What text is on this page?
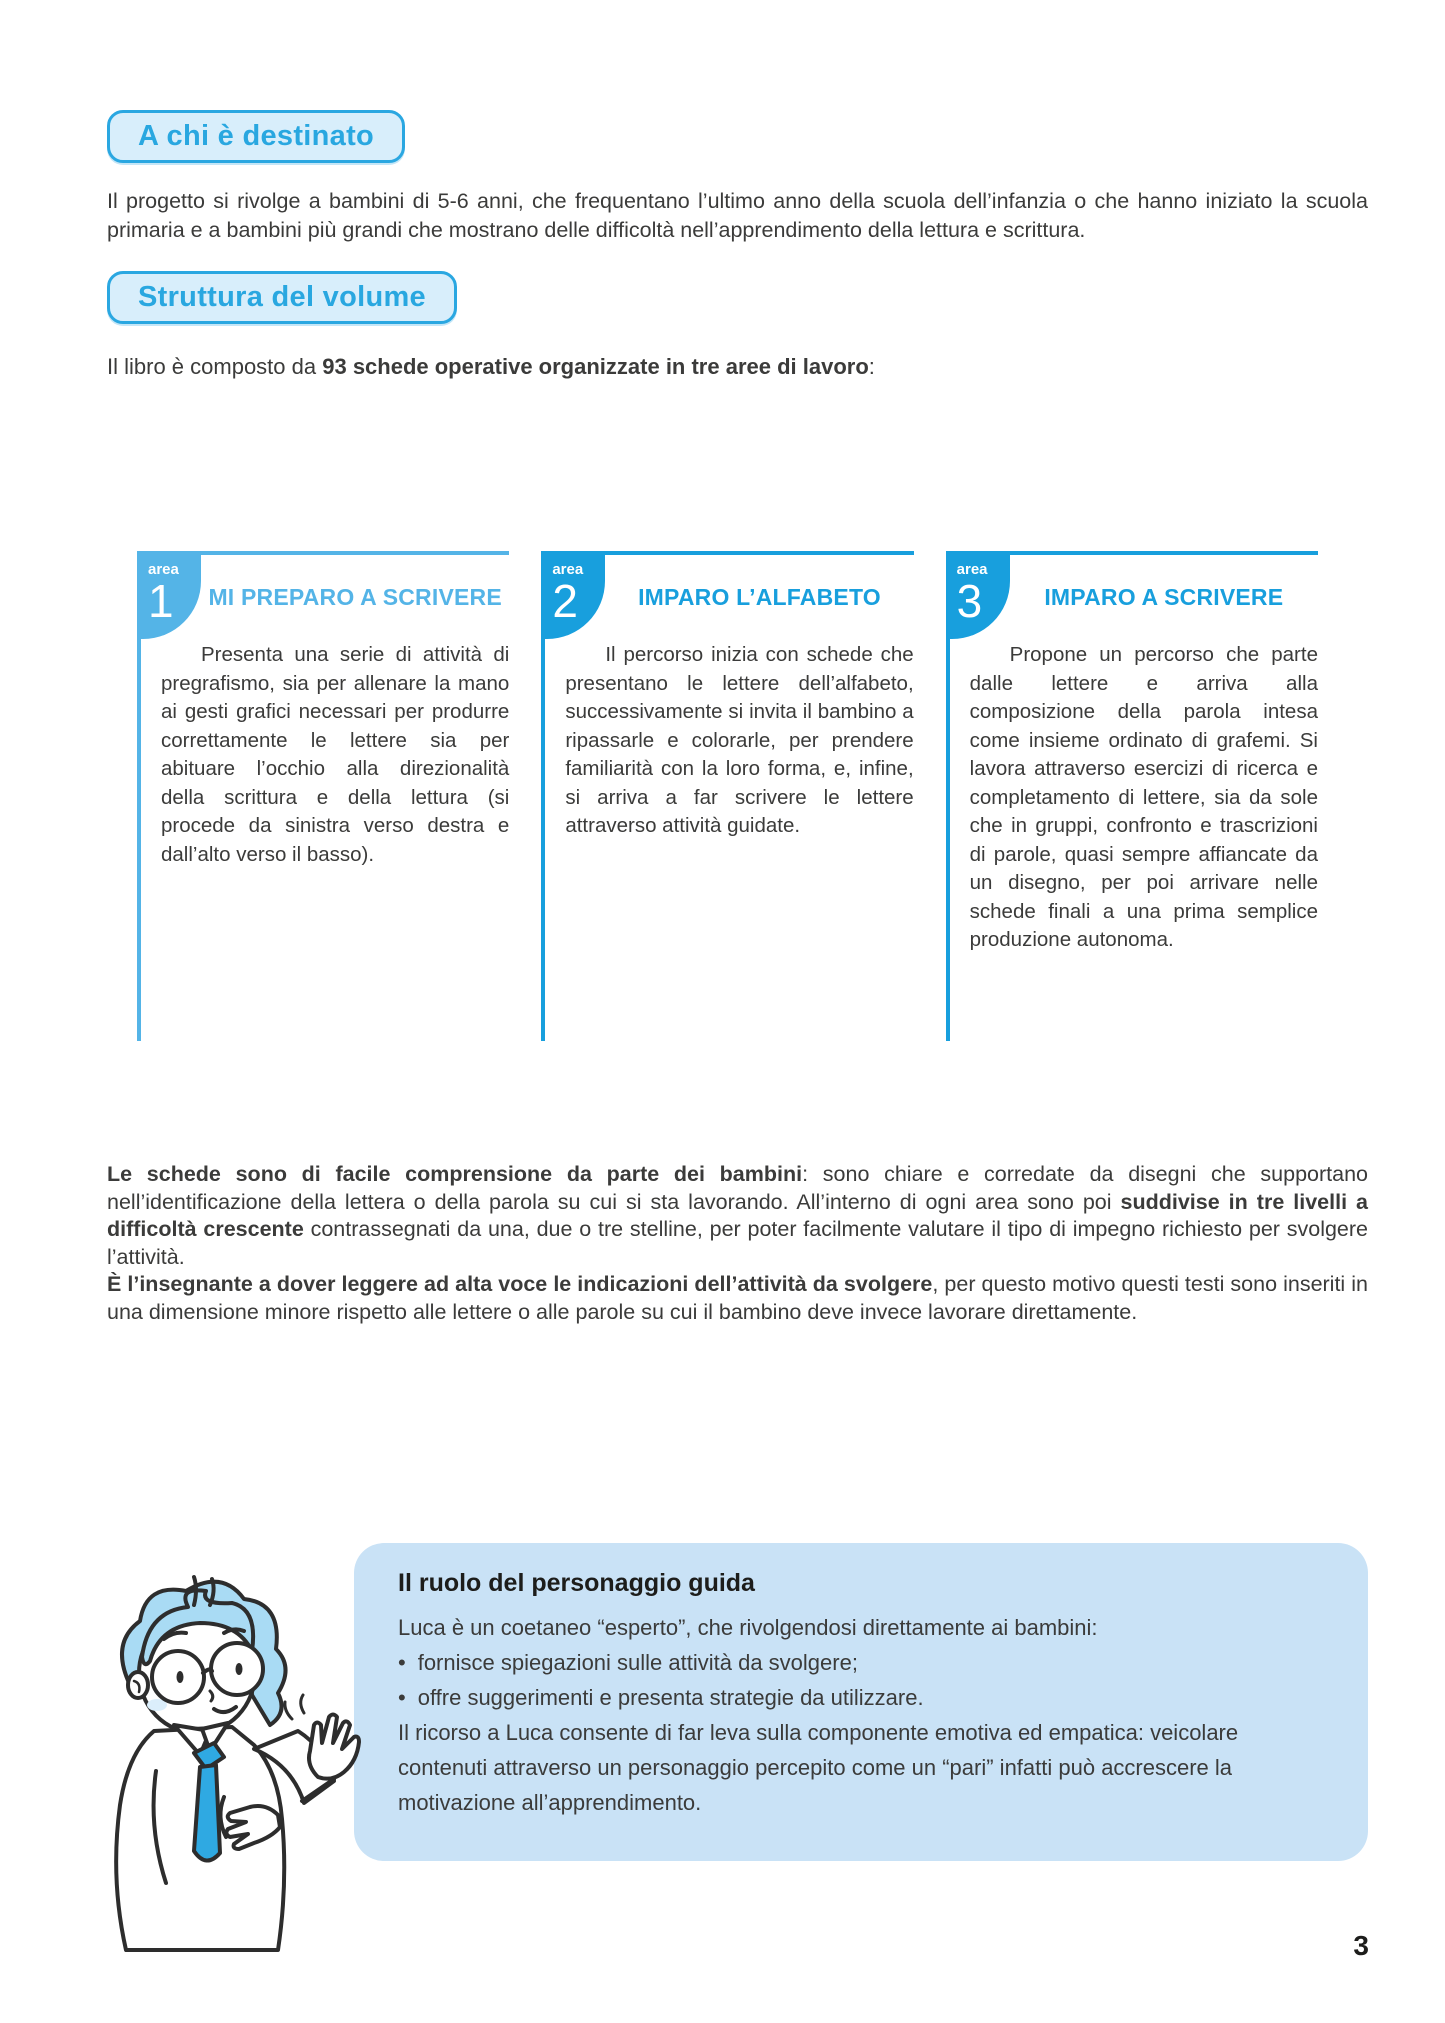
A chi è destinato

Il progetto si rivolge a bambini di 5-6 anni, che frequentano l’ultimo anno della scuola dell’infanzia o che hanno iniziato la scuola primaria e a bambini più grandi che mostrano delle difficoltà nell’apprendimento della lettura e scrittura.

Struttura del volume

Il libro è composto da 93 schede operative organizzate in tre aree di lavoro:

area
1	MI PREPARO A SCRIVERE

Presenta una serie di attività di pregrafismo, sia per allenare la mano ai gesti grafici necessari per produrre correttamente le lettere sia per abituare l’occhio alla direzionalità della scrittura e della lettura (si procede da sinistra verso destra e dall’alto verso il basso).

area
2	IMPARO L’ALFABETO

Il percorso inizia con schede che presentano le lettere dell’alfabeto, successivamente si invita il bambino a ripassarle e colorarle, per prendere familiarità con la loro forma, e, infine, si arriva a far scrivere le lettere attraverso attività guidate.

area
3	IMPARO A SCRIVERE

Propone un percorso che parte dalle lettere e arriva alla composizione della parola intesa come insieme ordinato di grafemi. Si lavora attraverso esercizi di ricerca e completamento di lettere, sia da sole che in gruppi, confronto e trascrizioni di parole, quasi sempre affiancate da un disegno, per poi arrivare nelle schede finali a una prima semplice produzione autonoma.

Le schede sono di facile comprensione da parte dei bambini: sono chiare e corredate da disegni che supportano nell’identificazione della lettera o della parola su cui si sta lavorando. All’interno di ogni area sono poi suddivise in tre livelli a difficoltà crescente contrassegnati da una, due o tre stelline, per poter facilmente valutare il tipo di impegno richiesto per svolgere l’attività.

È l’insegnante a dover leggere ad alta voce le indicazioni dell’attività da svolgere, per questo motivo questi testi sono inseriti in una dimensione minore rispetto alle lettere o alle parole su cui il bambino deve invece lavorare direttamente.

Il ruolo del personaggio guida

Luca è un coetaneo “esperto”, che rivolgendosi direttamente ai bambini:

• fornisce spiegazioni sulle attività da svolgere;
• offre suggerimenti e presenta strategie da utilizzare.

Il ricorso a Luca consente di far leva sulla componente emotiva ed empatica: veicolare contenuti attraverso un personaggio percepito come un “pari” infatti può accrescere la motivazione all’apprendimento.

3
